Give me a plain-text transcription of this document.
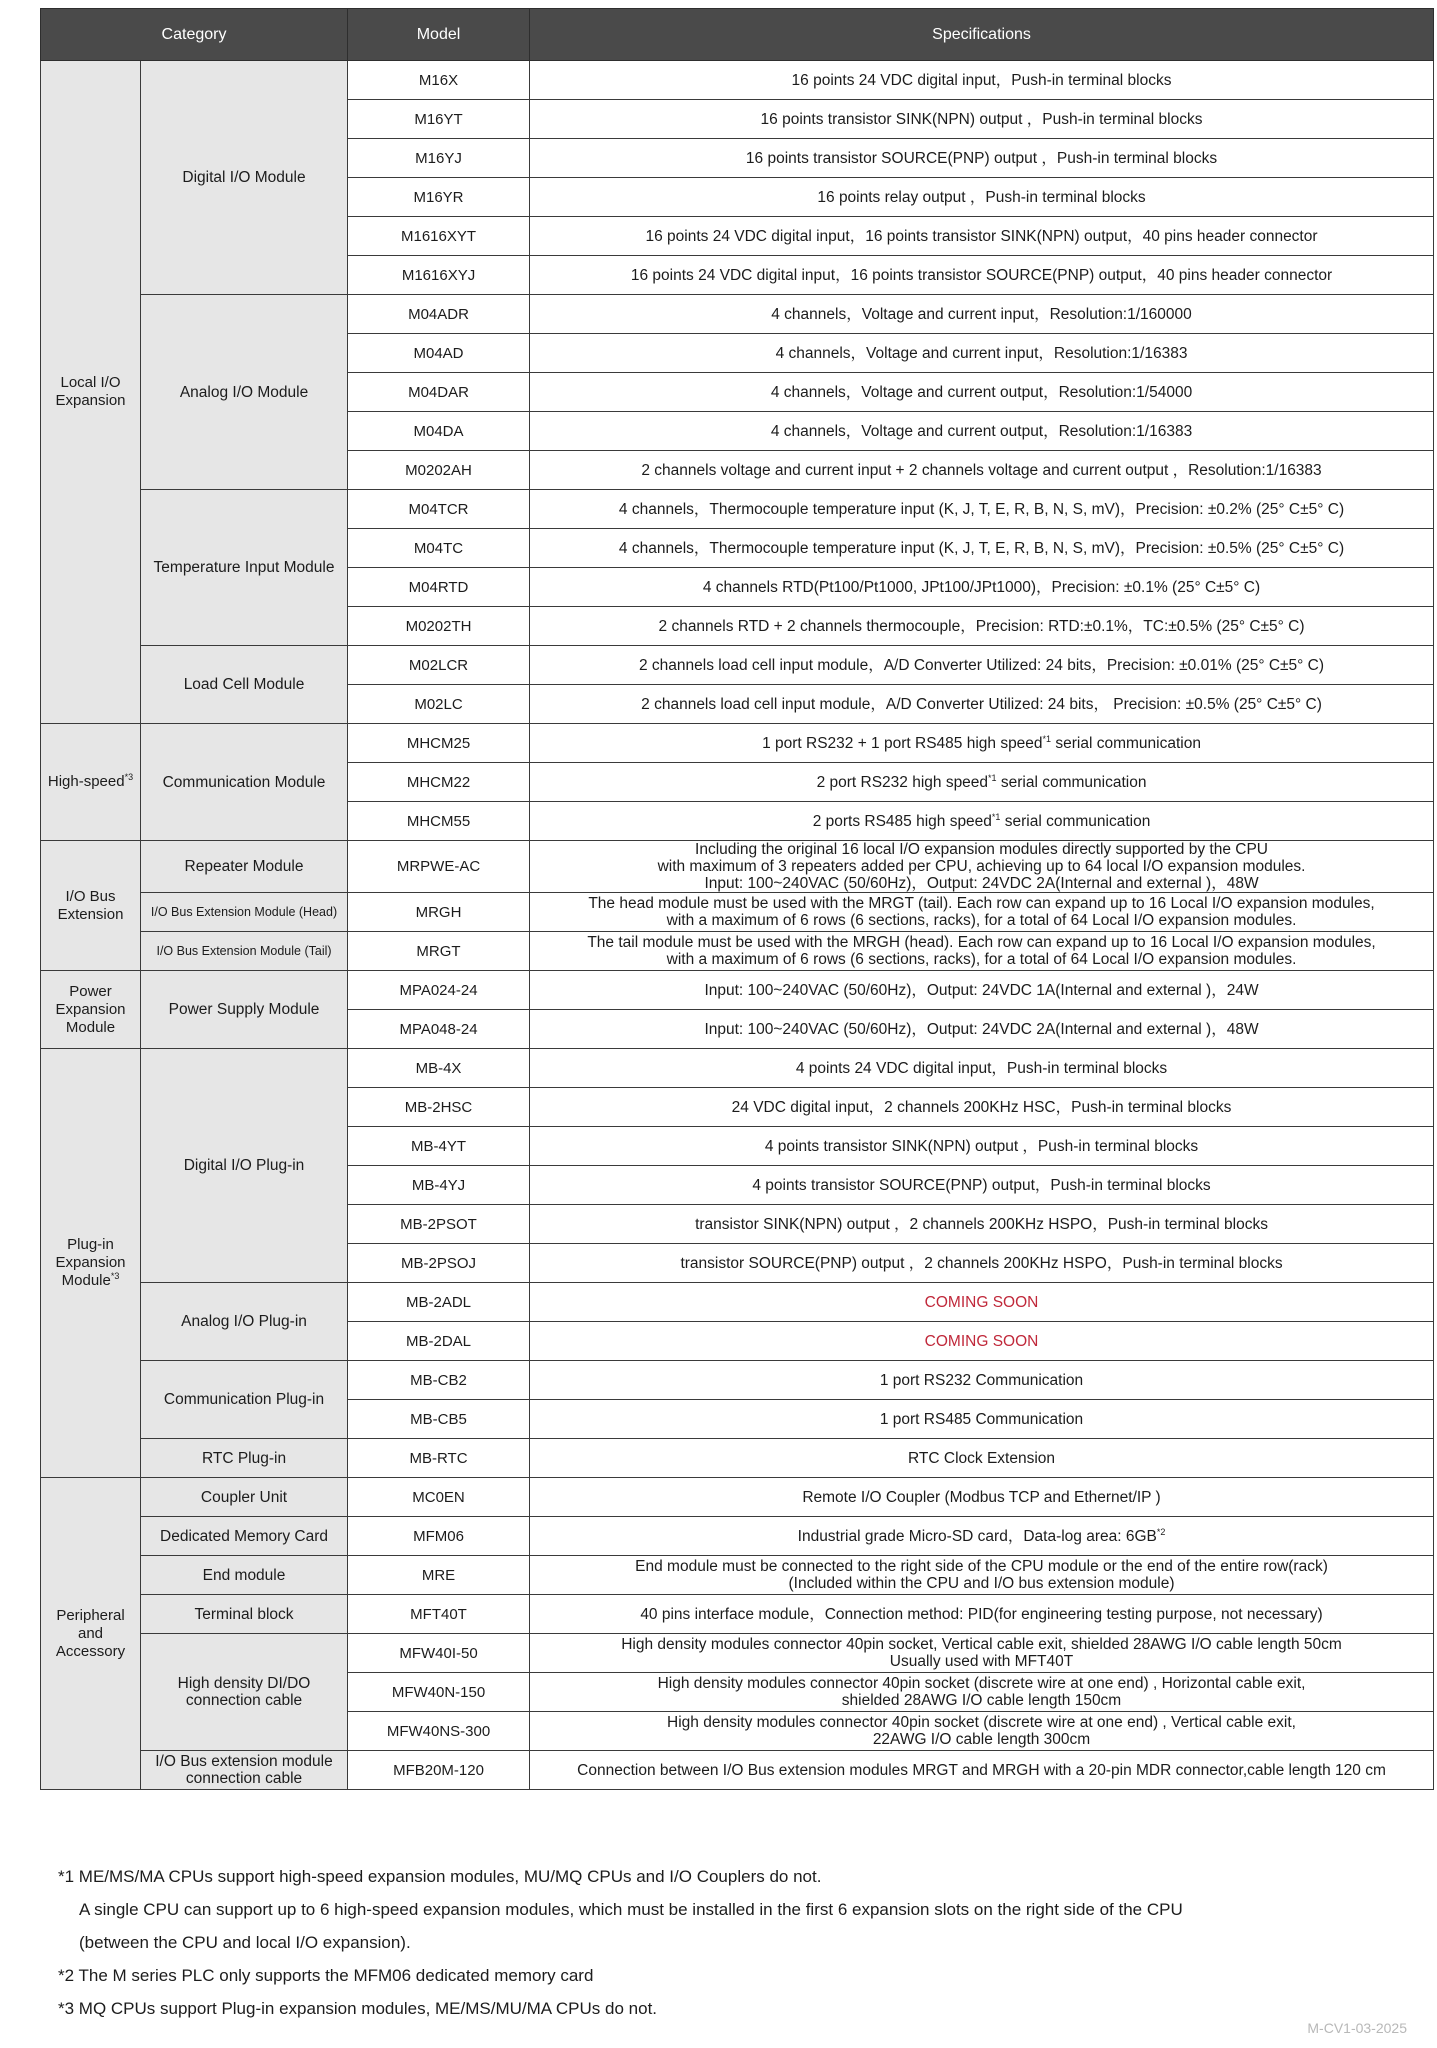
Category		Model	Specifications
Local I/O Expansion	Digital I/O Module	M16X	16 points 24 VDC digital input，Push-in terminal blocks
		M16YT	16 points transistor SINK(NPN) output ，Push-in terminal blocks
		M16YJ	16 points transistor SOURCE(PNP) output ，Push-in terminal blocks
		M16YR	16 points relay output ，Push-in terminal blocks
		M1616XYT	16 points 24 VDC digital input，16 points transistor SINK(NPN) output，40 pins header connector
		M1616XYJ	16 points 24 VDC digital input，16 points transistor SOURCE(PNP) output，40 pins header connector
	Analog I/O Module	M04ADR	4 channels，Voltage and current input，Resolution:1/160000
		M04AD	4 channels，Voltage and current input，Resolution:1/16383
		M04DAR	4 channels，Voltage and current output，Resolution:1/54000
		M04DA	4 channels，Voltage and current output，Resolution:1/16383
		M0202AH	2 channels voltage and current input + 2 channels voltage and current output ，Resolution:1/16383
	Temperature Input Module	M04TCR	4 channels，Thermocouple temperature input (K, J, T, E, R, B, N, S, mV)，Precision: ±0.2% (25° C±5° C)
		M04TC	4 channels，Thermocouple temperature input (K, J, T, E, R, B, N, S, mV)，Precision: ±0.5% (25° C±5° C)
		M04RTD	4 channels RTD(Pt100/Pt1000, JPt100/JPt1000)，Precision: ±0.1% (25° C±5° C)
		M0202TH	2 channels RTD + 2 channels thermocouple，Precision: RTD:±0.1%，TC:±0.5% (25° C±5° C)
	Load Cell Module	M02LCR	2 channels load cell input module，A/D Converter Utilized: 24 bits，Precision: ±0.01% (25° C±5° C)
		M02LC	2 channels load cell input module，A/D Converter Utilized: 24 bits， Precision: ±0.5% (25° C±5° C)
High-speed$^{*3}$	Communication Module	MHCM25	1 port RS232 + 1 port RS485 high speed$^{*1}$ serial communication
		MHCM22	2 port RS232 high speed$^{*1}$ serial communication
		MHCM55	2 ports RS485 high speed$^{*1}$ serial communication
I/O Bus Extension	Repeater Module	MRPWE-AC	Including the original 16 local I/O expansion modules directly supported by the CPU
with maximum of 3 repeaters added per CPU, achieving up to 64 local I/O expansion modules.
Input: 100~240VAC (50/60Hz)，Output: 24VDC 2A(Internal and external )，48W

	I/O Bus Extension Module (Head)	MRGH	The head module must be used with the MRGT (tail). Each row can expand up to 16 Local I/O expansion modules,
with a maximum of 6 rows (6 sections, racks), for a total of 64 Local I/O expansion modules.

	I/O Bus Extension Module (Tail)	MRGT	The tail module must be used with the MRGH (head). Each row can expand up to 16 Local I/O expansion modules,
with a maximum of 6 rows (6 sections, racks), for a total of 64 Local I/O expansion modules.

Power Expansion Module	Power Supply Module	MPA024-24	Input: 100~240VAC (50/60Hz)，Output: 24VDC 1A(Internal and external )，24W
		MPA048-24	Input: 100~240VAC (50/60Hz)，Output: 24VDC 2A(Internal and external )，48W
Plug-in Expansion Module$^{*3}$	Digital I/O Plug-in	MB-4X	4 points 24 VDC digital input，Push-in terminal blocks
		MB-2HSC	24 VDC digital input，2 channels 200KHz HSC，Push-in terminal blocks
		MB-4YT	4 points transistor SINK(NPN) output ，Push-in terminal blocks
		MB-4YJ	4 points transistor SOURCE(PNP) output，Push-in terminal blocks
		MB-2PSOT	transistor SINK(NPN) output ，2 channels 200KHz HSPO，Push-in terminal blocks
		MB-2PSOJ	transistor SOURCE(PNP) output ，2 channels 200KHz HSPO，Push-in terminal blocks
	Analog I/O Plug-in	MB-2ADL	COMING SOON
		MB-2DAL	COMING SOON
	Communication Plug-in	MB-CB2	1 port RS232 Communication
		MB-CB5	1 port RS485 Communication
	RTC Plug-in	MB-RTC	RTC Clock Extension
Peripheral and Accessory	Coupler Unit	MC0EN	Remote I/O Coupler (Modbus TCP and Ethernet/IP )
	Dedicated Memory Card	MFM06	Industrial grade Micro-SD card，Data-log area: 6GB$^{*2}$
	End module	MRE	End module must be connected to the right side of the CPU module or the end of the entire row(rack)
(Included within the CPU and I/O bus extension module)

	Terminal block	MFT40T	40 pins interface module，Connection method: PID(for engineering testing purpose, not necessary)
	High density DI/DO connection cable	MFW40I-50	High density modules connector 40pin socket, Vertical cable exit, shielded 28AWG I/O cable length 50cm
Usually used with MFT40T

		MFW40N-150	High density modules connector 40pin socket (discrete wire at one end) , Horizontal cable exit,
shielded 28AWG I/O cable length 150cm

		MFW40NS-300	High density modules connector 40pin socket (discrete wire at one end) , Vertical cable exit,
22AWG I/O cable length 300cm

	I/O Bus extension module connection cable	MFB20M-120	Connection between I/O Bus extension modules MRGT and MRGH with a 20-pin MDR connector,cable length 120 cm
*1 ME/MS/MA CPUs support high-speed expansion modules, MU/MQ CPUs and I/O Couplers do not.
A single CPU can support up to 6 high-speed expansion modules, which must be installed in the first 6 expansion slots on the right side of the CPU
(between the CPU and local I/O expansion).
*2 The M series PLC only supports the MFM06 dedicated memory card
*3 MQ CPUs support Plug-in expansion modules, ME/MS/MU/MA CPUs do not.
M-CV1-03-2025
